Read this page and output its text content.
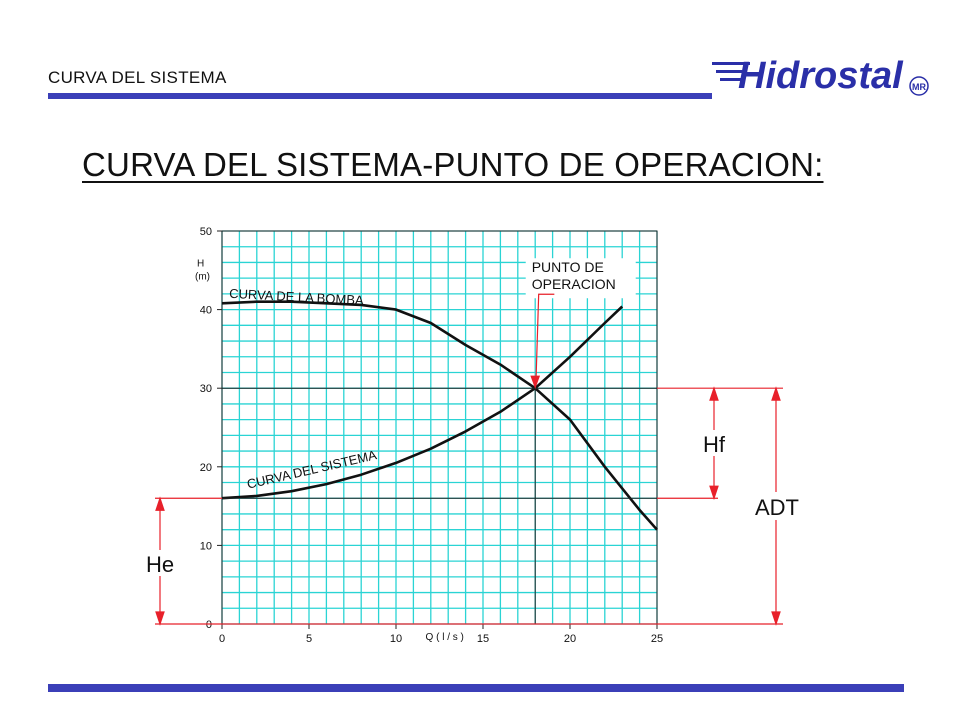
CURVA DEL SISTEMA	Hidrostal MR
CURVA DEL SISTEMA-PUNTO DE OPERACION:
0
10
20
30
40
50
0	5	10	15	20	25
Q ( l / s )
H
(m)
CURVA DE LA BOMBA
CURVA DEL SISTEMA
PUNTO DE
OPERACION
He
Hf
ADT
